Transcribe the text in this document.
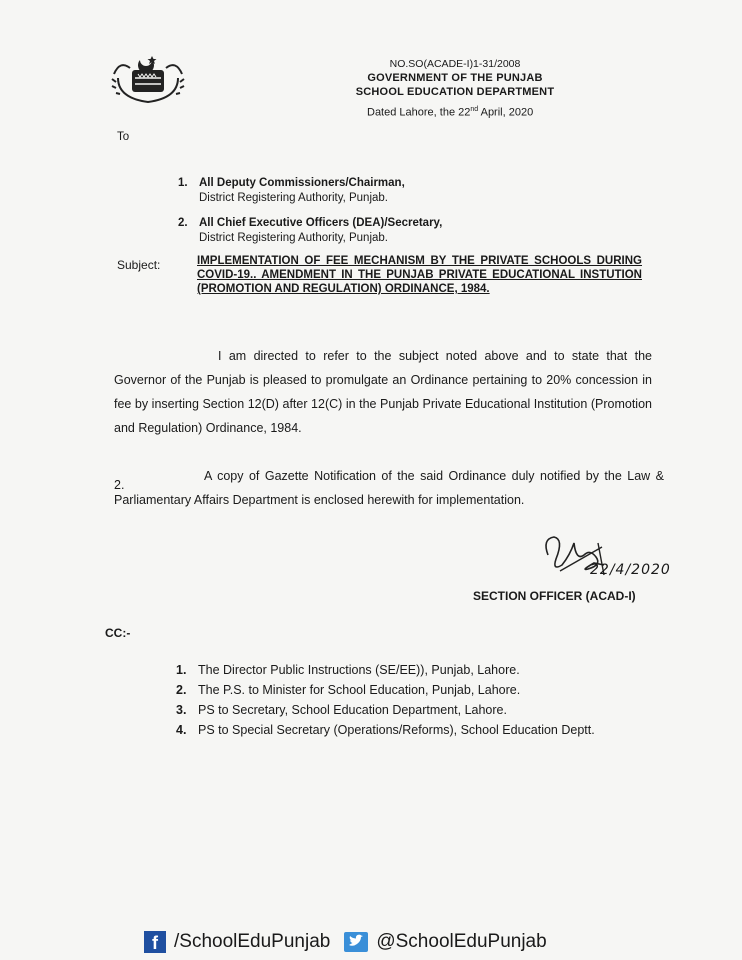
NO.SO(ACADE-I)1-31/2008
GOVERNMENT OF THE PUNJAB
SCHOOL EDUCATION DEPARTMENT
Dated Lahore, the 22nd April, 2020
To
1. All Deputy Commissioners/Chairman,
District Registering Authority, Punjab.
2. All Chief Executive Officers (DEA)/Secretary,
District Registering Authority, Punjab.
Subject:	IMPLEMENTATION OF FEE MECHANISM BY THE PRIVATE SCHOOLS DURING COVID-19.. AMENDMENT IN THE PUNJAB PRIVATE EDUCATIONAL INSTUTION (PROMOTION AND REGULATION) ORDINANCE, 1984.
I am directed to refer to the subject noted above and to state that the Governor of the Punjab is pleased to promulgate an Ordinance pertaining to 20% concession in fee by inserting Section 12(D) after 12(C) in the Punjab Private Educational Institution (Promotion and Regulation) Ordinance, 1984.
2.
A copy of Gazette Notification of the said Ordinance duly notified by the Law & Parliamentary Affairs Department is enclosed herewith for implementation.
22/4/2020
SECTION OFFICER (ACAD-I)
CC:-
1. The Director Public Instructions (SE/EE)), Punjab, Lahore.
2. The P.S. to Minister for School Education, Punjab, Lahore.
3. PS to Secretary, School Education Department, Lahore.
4. PS to Special Secretary (Operations/Reforms), School Education Deptt.
f /SchoolEduPunjab @SchoolEduPunjab
